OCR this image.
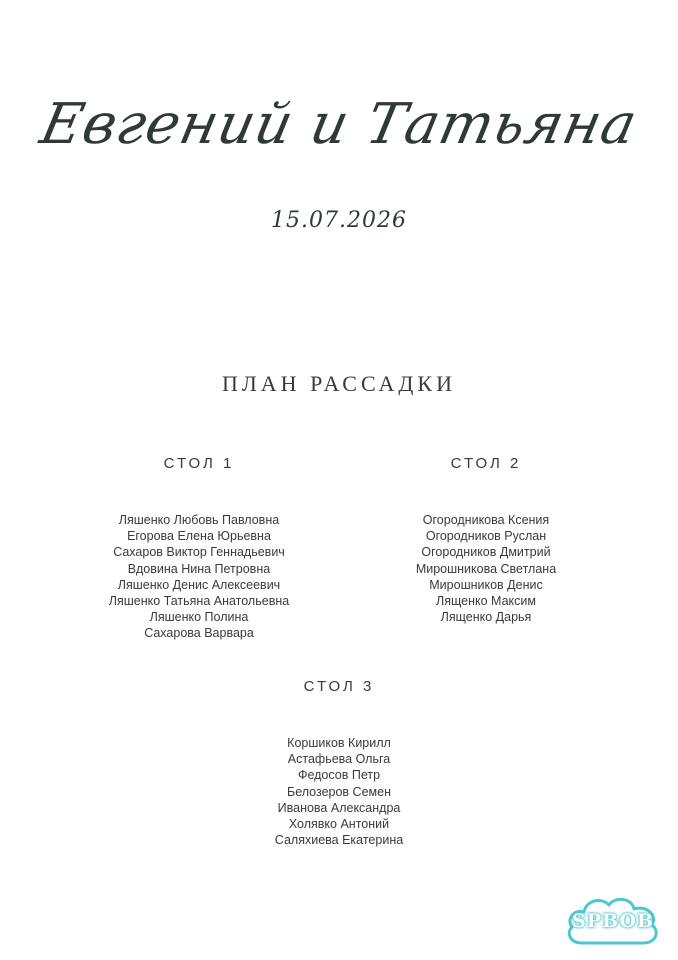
Евгений и Татьяна
15.07.2026
ПЛАН РАССАДКИ
СТОЛ 1
Ляшенко Любовь Павловна
Егорова Елена Юрьевна
Сахаров Виктор Геннадьевич
Вдовина Нина Петровна
Ляшенко Денис Алексеевич
Ляшенко Татьяна Анатольевна
Ляшенко Полина
Сахарова Варвара
СТОЛ 2
Огородникова Ксения
Огородников Руслан
Огородников Дмитрий
Мирошникова Светлана
Мирошников Денис
Лященко Максим
Лященко Дарья
СТОЛ 3
Коршиков Кирилл
Астафьева Ольга
Федосов Петр
Белозеров Семен
Иванова Александра
Холявко Антоний
Саляхиева Екатерина
SPBOB
